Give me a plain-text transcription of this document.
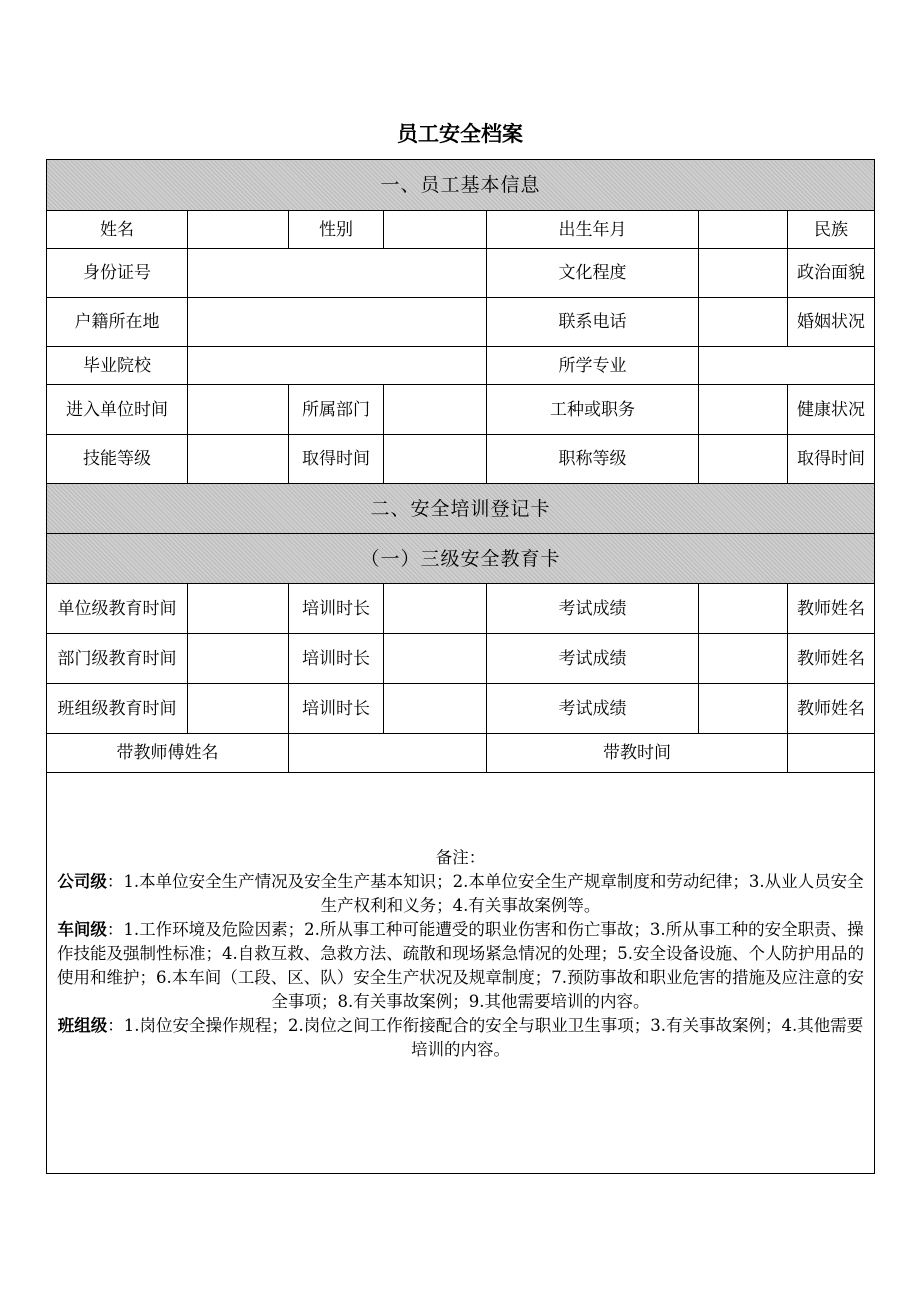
员工安全档案
一、员工基本信息							
姓名		性别		出生年月		民族	
身份证号				文化程度		政治面貌	
户籍所在地				联系电话		婚姻状况	
毕业院校				所学专业			
进入单位时间		所属部门		工种或职务		健康状况	
技能等级		取得时间		职称等级		取得时间	
二、安全培训登记卡							
（一）三级安全教育卡							
单位级教育时间		培训时长		考试成绩		教师姓名	
部门级教育时间		培训时长		考试成绩		教师姓名	
班组级教育时间		培训时长		考试成绩		教师姓名	
带教师傅姓名				带教时间			

备注：

公司级：1.本单位安全生产情况及安全生产基本知识；2.本单位安全生产规章制度和劳动纪律；3.从业人员安全生产权利和义务；4.有关事故案例等。

车间级：1.工作环境及危险因素；2.所从事工种可能遭受的职业伤害和伤亡事故；3.所从事工种的安全职责、操作技能及强制性标准；4.自救互救、急救方法、疏散和现场紧急情况的处理；5.安全设备设施、个人防护用品的使用和维护；6.本车间（工段、区、队）安全生产状况及规章制度；7.预防事故和职业危害的措施及应注意的安全事项；8.有关事故案例；9.其他需要培训的内容。

班组级：1.岗位安全操作规程；2.岗位之间工作衔接配合的安全与职业卫生事项；3.有关事故案例；4.其他需要培训的内容。							
